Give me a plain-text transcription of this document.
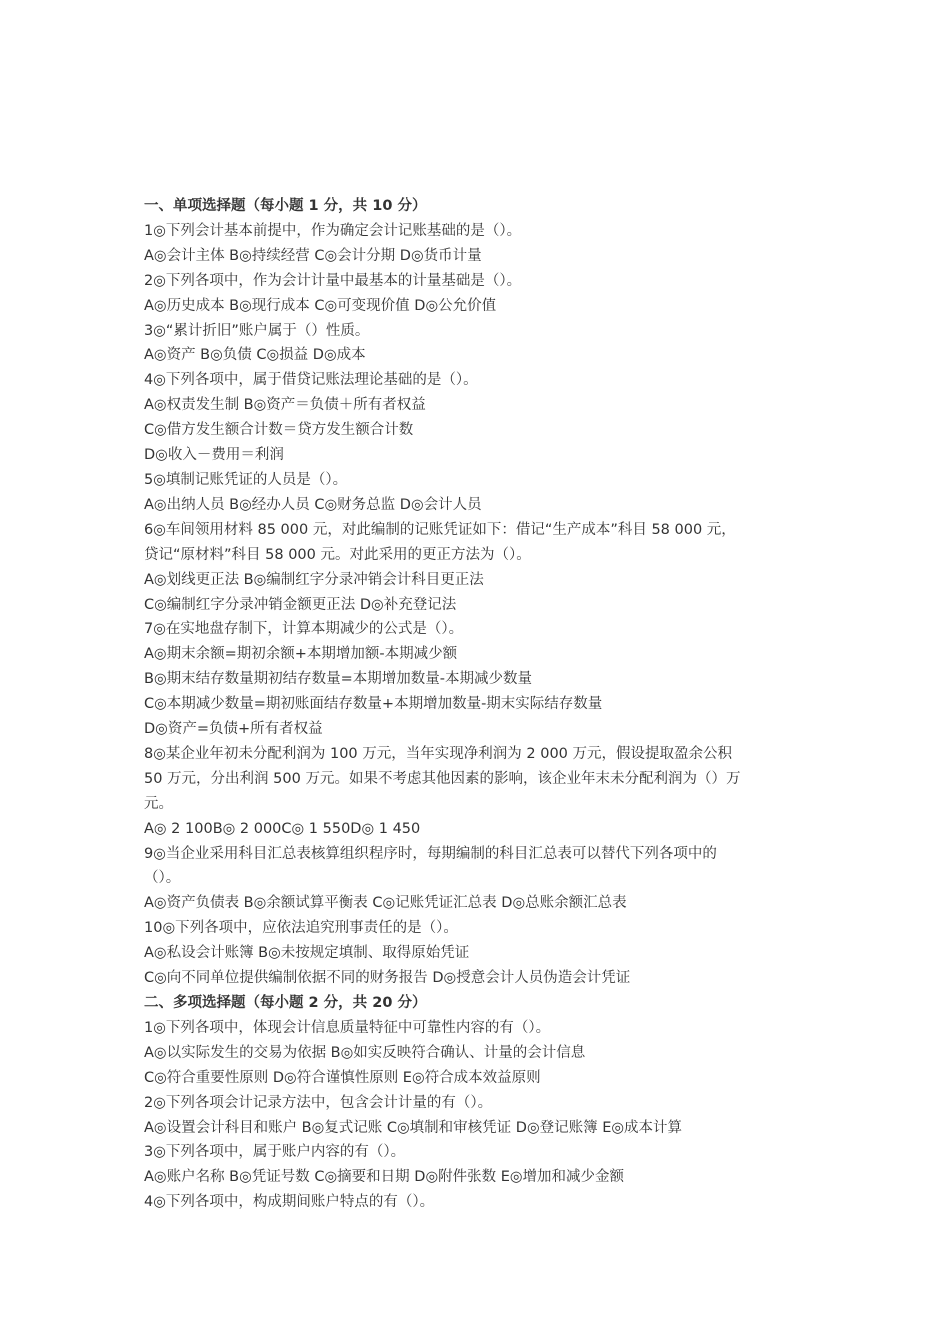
一、单项选择题（每小题 1 分，共 10 分）
1◎下列会计基本前提中，作为确定会计记账基础的是（）。
A◎会计主体 B◎持续经营 C◎会计分期 D◎货币计量
2◎下列各项中，作为会计计量中最基本的计量基础是（）。
A◎历史成本 B◎现行成本 C◎可变现价值 D◎公允价值
3◎“累计折旧”账户属于（）性质。
A◎资产 B◎负债 C◎损益 D◎成本
4◎下列各项中，属于借贷记账法理论基础的是（）。
A◎权责发生制 B◎资产＝负债＋所有者权益
C◎借方发生额合计数＝贷方发生额合计数
D◎收入－费用＝利润
5◎填制记账凭证的人员是（）。
A◎出纳人员 B◎经办人员 C◎财务总监 D◎会计人员
6◎车间领用材料 85 000 元，对此编制的记账凭证如下：借记“生产成本”科目 58 000 元，
贷记“原材料”科目 58 000 元。对此采用的更正方法为（）。
A◎划线更正法 B◎编制红字分录冲销会计科目更正法
C◎编制红字分录冲销金额更正法 D◎补充登记法
7◎在实地盘存制下，计算本期减少的公式是（）。
A◎期末余额=期初余额+本期增加额-本期减少额
B◎期末结存数量期初结存数量=本期增加数量-本期减少数量
C◎本期减少数量=期初账面结存数量+本期增加数量-期末实际结存数量
D◎资产=负债+所有者权益
8◎某企业年初未分配利润为 100 万元，当年实现净利润为 2 000 万元，假设提取盈余公积
50 万元，分出利润 500 万元。如果不考虑其他因素的影响，该企业年末未分配利润为（）万
元。
A◎ 2 100B◎ 2 000C◎ 1 550D◎ 1 450
9◎当企业采用科目汇总表核算组织程序时，每期编制的科目汇总表可以替代下列各项中的
（）。
A◎资产负债表 B◎余额试算平衡表 C◎记账凭证汇总表 D◎总账余额汇总表
10◎下列各项中，应依法追究刑事责任的是（）。
A◎私设会计账簿 B◎未按规定填制、取得原始凭证
C◎向不同单位提供编制依据不同的财务报告 D◎授意会计人员伪造会计凭证
二、多项选择题（每小题 2 分，共 20 分）
1◎下列各项中，体现会计信息质量特征中可靠性内容的有（）。
A◎以实际发生的交易为依据 B◎如实反映符合确认、计量的会计信息
C◎符合重要性原则 D◎符合谨慎性原则 E◎符合成本效益原则
2◎下列各项会计记录方法中，包含会计计量的有（）。
A◎设置会计科目和账户 B◎复式记账 C◎填制和审核凭证 D◎登记账簿 E◎成本计算
3◎下列各项中，属于账户内容的有（）。
A◎账户名称 B◎凭证号数 C◎摘要和日期 D◎附件张数 E◎增加和减少金额
4◎下列各项中，构成期间账户特点的有（）。
